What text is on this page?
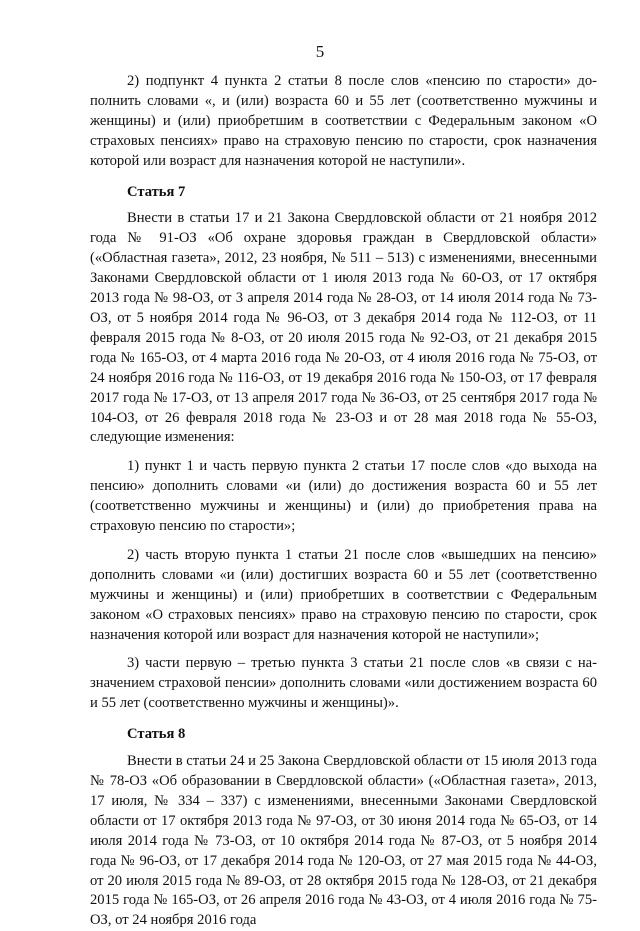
5

2) подпункт 4 пункта 2 статьи 8 после слов «пенсию по старости» дополнить словами «, и (или) возраста 60 и 55 лет (соответственно мужчины и женщины) и (или) приобретшим в соответствии с Федеральным законом «О страховых пенсиях» право на страховую пенсию по старости, срок назначения которой или возраст для назначения которой не наступили».

Статья 7

Внести в статьи 17 и 21 Закона Свердловской области от 21 ноября 2012 года № 91-ОЗ «Об охране здоровья граждан в Свердловской области» («Областная газета», 2012, 23 ноября, № 511 – 513) с изменениями, внесенными Законами Свердловской области от 1 июля 2013 года № 60-ОЗ, от 17 октября 2013 года № 98-ОЗ, от 3 апреля 2014 года № 28-ОЗ, от 14 июля 2014 года № 73-ОЗ, от 5 ноября 2014 года № 96-ОЗ, от 3 декабря 2014 года № 112-ОЗ, от 11 февраля 2015 года № 8-ОЗ, от 20 июля 2015 года № 92-ОЗ, от 21 декабря 2015 года № 165-ОЗ, от 4 марта 2016 года № 20-ОЗ, от 4 июля 2016 года № 75-ОЗ, от 24 ноября 2016 года № 116-ОЗ, от 19 декабря 2016 года № 150-ОЗ, от 17 февраля 2017 года № 17-ОЗ, от 13 апреля 2017 года № 36-ОЗ, от 25 сентября 2017 года № 104-ОЗ, от 26 февраля 2018 года № 23-ОЗ и от 28 мая 2018 года № 55-ОЗ, следующие изменения:

1) пункт 1 и часть первую пункта 2 статьи 17 после слов «до выхода на пенсию» дополнить словами «и (или) до достижения возраста 60 и 55 лет (соответственно мужчины и женщины) и (или) до приобретения права на страховую пенсию по старости»;

2) часть вторую пункта 1 статьи 21 после слов «вышедших на пенсию» дополнить словами «и (или) достигших возраста 60 и 55 лет (соответственно мужчины и женщины) и (или) приобретших в соответствии с Федеральным законом «О страховых пенсиях» право на страховую пенсию по старости, срок назначения которой или возраст для назначения которой не наступили»;

3) части первую – третью пункта 3 статьи 21 после слов «в связи с назначением страховой пенсии» дополнить словами «или достижением возраста 60 и 55 лет (соответственно мужчины и женщины)».

Статья 8

Внести в статьи 24 и 25 Закона Свердловской области от 15 июля 2013 года № 78-ОЗ «Об образовании в Свердловской области» («Областная газета», 2013, 17 июля, № 334 – 337) с изменениями, внесенными Законами Свердловской области от 17 октября 2013 года № 97-ОЗ, от 30 июня 2014 года № 65-ОЗ, от 14 июля 2014 года № 73-ОЗ, от 10 октября 2014 года № 87-ОЗ, от 5 ноября 2014 года № 96-ОЗ, от 17 декабря 2014 года № 120-ОЗ, от 27 мая 2015 года № 44-ОЗ, от 20 июля 2015 года № 89-ОЗ, от 28 октября 2015 года № 128-ОЗ, от 21 декабря 2015 года № 165-ОЗ, от 26 апреля 2016 года № 43-ОЗ, от 4 июля 2016 года № 75-ОЗ, от 24 ноября 2016 года
